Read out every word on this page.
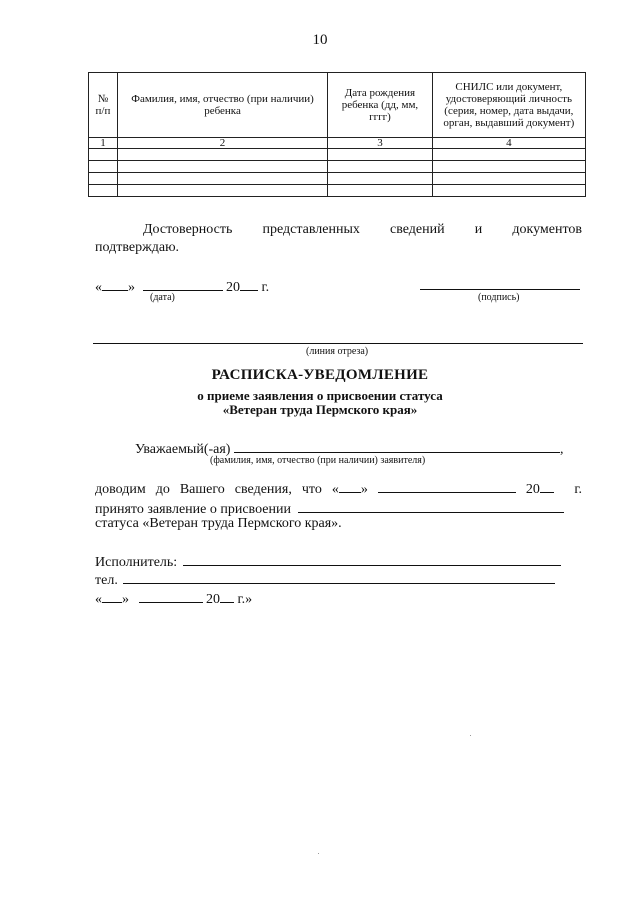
10
№ п/п	Фамилия, имя, отчество (при наличии) ребенка	Дата рождения ребенка (дд, мм, гггг)	СНИЛС или документ, удостоверяющий личность (серия, номер, дата выдачи, орган, выдавший документ)
1	2	3	4

Достоверность представленных сведений и документов
подтверждаю.
« »	20 г.
(дата)	(подпись)
(линия отреза)
РАСПИСКА-УВЕДОМЛЕНИЕ
о приеме заявления о присвоении статуса
«Ветеран труда Пермского края»
Уважаемый(-ая)	,
(фамилия, имя, отчество (при наличии) заявителя)
доводим до Вашего сведения, что « »	20 г.
принято заявление о присвоении
статуса «Ветеран труда Пермского края».
Исполнитель:
тел.
« »	20 г.»
